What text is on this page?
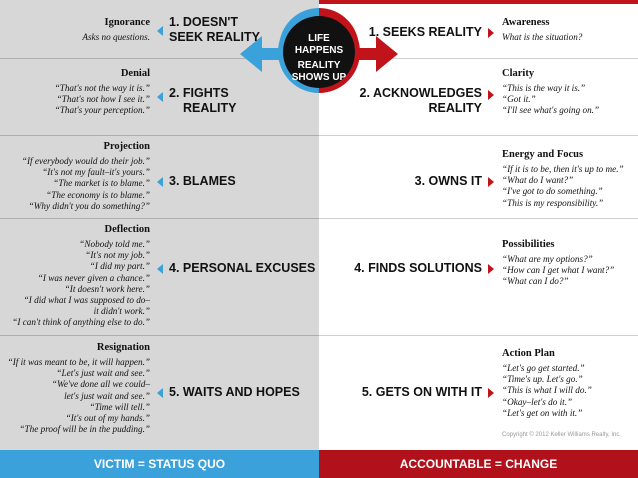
LIFE
HAPPENS
REALITY
SHOWS UP
1. DOESN'T
SEEK REALITY
Ignorance
Asks no questions.
2. FIGHTS
REALITY
Denial
“That's not the way it is.”
“That's not how I see it.”
“That's your perception.”
3. BLAMES
Projection
“If everybody would do their job.”
“It's not my fault–it's yours.”
“The market is to blame.”
“The economy is to blame.”
“Why didn't you do something?”
4. PERSONAL EXCUSES
Deflection
“Nobody told me.”
“It's not my job.”
“I did my part.”
“I was never given a chance.”
“It doesn't work here.”
“I did what I was supposed to do–
it didn't work.”
“I can't think of anything else to do.”
5. WAITS AND HOPES
Resignation
“If it was meant to be, it will happen.”
“Let's just wait and see.”
“We've done all we could–
let's just wait and see.”
“Time will tell.”
“It's out of my hands.”
“The proof will be in the pudding.”
1. SEEKS REALITY
Awareness
What is the situation?
2. ACKNOWLEDGES
REALITY
Clarity
“This is the way it is.”
“Got it.”
“I'll see what's going on.”
3. OWNS IT
Energy and Focus
“If it is to be, then it's up to me.”
“What do I want?”
“I've got to do something.”
“This is my responsibility.”
4. FINDS SOLUTIONS
Possibilities
“What are my options?”
“How can I get what I want?”
“What can I do?”
5. GETS ON WITH IT
Action Plan
“Let's go get started.”
“Time's up. Let's go.”
“This is what I will do.”
“Okay–let's do it.”
“Let's get on with it.”
Copyright © 2012 Keller Williams Realty, Inc.
VICTIM = STATUS QUO	ACCOUNTABLE = CHANGE
